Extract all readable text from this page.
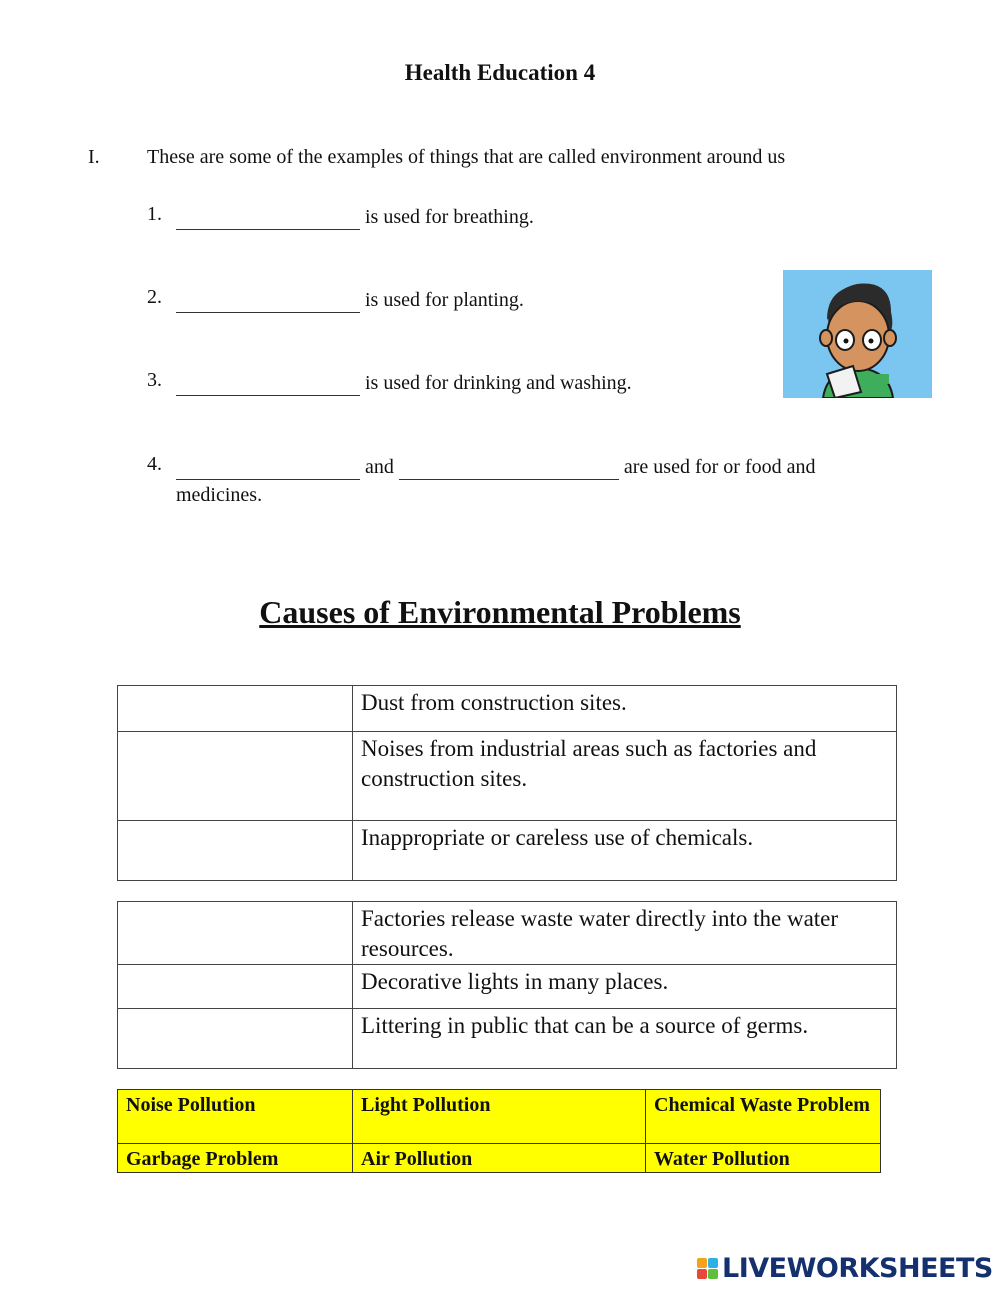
Health Education 4
I. These are some of the examples of things that are called environment around us
1.	is used for breathing.
2.	is used for planting.
3.	is used for drinking and washing.
4.	and	are used for or food and
medicines.
Causes of Environmental Problems
	Dust from construction sites.
	Noises from industrial areas such as factories and construction sites.
	Inappropriate or careless use of chemicals.
	Factories release waste water directly into the water resources.
	Decorative lights in many places.
	Littering in public that can be a source of germs.
Noise Pollution	Light Pollution	Chemical Waste Problem
Garbage Problem	Air Pollution	Water Pollution
LIVEWORKSHEETS
